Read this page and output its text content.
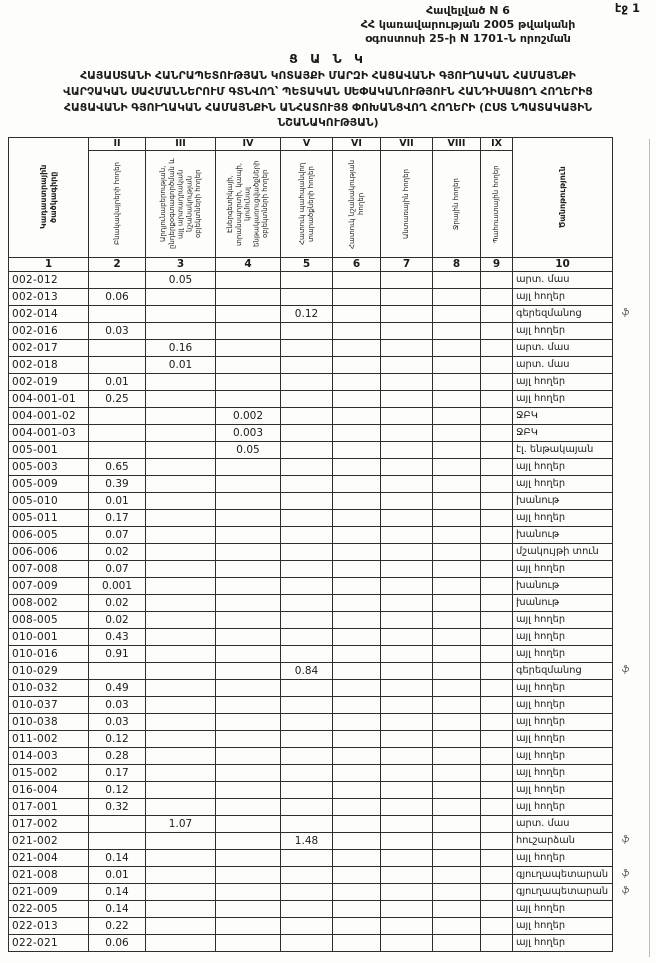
էջ 1
Հավելված N 6
ՀՀ կառավարության 2005 թվականի
օգոստոսի 25-ի N 1701-Ն որոշման
Ց Ա Ն Կ
ՀԱՅԱՍՏԱՆԻ ՀԱՆՐԱՊԵՏՈՒԹՅԱՆ ԿՈՏԱՅՔԻ ՄԱՐԶԻ ՀԱՑԱՎԱՆԻ ԳՅՈՒՂԱԿԱՆ ՀԱՄԱՅՆՔԻ
ՎԱՐՉԱԿԱՆ ՍԱՀՄԱՆՆԵՐՈՒՄ ԳՏՆՎՈՂ՝ ՊԵՏԱԿԱՆ ՍԵՓԱԿԱՆՈՒԹՅՈՒՆ ՀԱՆԴԻՍԱՑՈՂ ՀՈՂԵՐԻՑ
ՀԱՑԱՎԱՆԻ ԳՅՈՒՂԱԿԱՆ ՀԱՄԱՅՆՔԻՆ ԱՆՀԱՏՈՒՅՑ ՓՈԽԱՆՑՎՈՂ ՀՈՂԵՐԻ (ԸՍՏ ՆՊԱՏԱԿԱՅԻՆ
ՆՇԱՆԱԿՈՒԹՅԱՆ)
Կադաստրային ծածկագիրը	II	III	IV	V	VI	VII	VIII	IX	Ծանոթություն	

	Բնակավայրերի հողեր	Արդյունաբերության, ընդերքօգտագործման և այլ արտադրական նշանակության օբյեկտների հողեր	Էներգետիկայի, տրանսպորտի, կապի, կոմունալ ենթակառուցվածքների օբյեկտների հողեր	Հատուկ պահպանվող տարածքների հողեր	Հատուկ նշանակության հողեր	Անտառային հողեր	Ջրային հողեր	Պահուստային հողեր		

1	2	3	4	5	6	7	8	9	10	
002-012		0.05							արտ. մաս	
002-013	0.06								այլ հողեր	
002-014				0.12					գերեզմանոց	ֆ
002-016	0.03								այլ հողեր	
002-017		0.16							արտ. մաս	
002-018		0.01							արտ. մաս	
002-019	0.01								այլ հողեր	
004-001-01	0.25								այլ հողեր	
004-001-02			0.002						ՋԲԿ	
004-001-03			0.003						ՋԲԿ	
005-001			0.05						էլ. ենթակայան	
005-003	0.65								այլ հողեր	
005-009	0.39								այլ հողեր	
005-010	0.01								խանութ	
005-011	0.17								այլ հողեր	
006-005	0.07								խանութ	
006-006	0.02								մշակույթի տուն	
007-008	0.07								այլ հողեր	
007-009	0.001								խանութ	
008-002	0.02								խանութ	
008-005	0.02								այլ հողեր	
010-001	0.43								այլ հողեր	
010-016	0.91								այլ հողեր	
010-029				0.84					գերեզմանոց	ֆ
010-032	0.49								այլ հողեր	
010-037	0.03								այլ հողեր	
010-038	0.03								այլ հողեր	
011-002	0.12								այլ հողեր	
014-003	0.28								այլ հողեր	
015-002	0.17								այլ հողեր	
016-004	0.12								այլ հողեր	
017-001	0.32								այլ հողեր	
017-002		1.07							արտ. մաս	
021-002				1.48					հուշարձան	ֆ
021-004	0.14								այլ հողեր	
021-008	0.01								գյուղապետարան	ֆ
021-009	0.14								գյուղապետարան	ֆ
022-005	0.14								այլ հողեր	
022-013	0.22								այլ հողեր	
022-021	0.06								այլ հողեր	
